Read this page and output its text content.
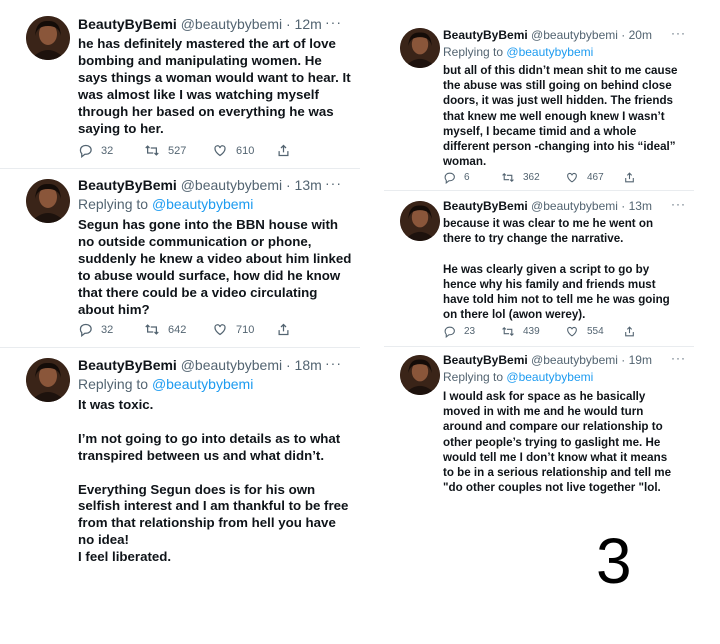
BeautyByBemi @beautybybemi · 12m ···
he has definitely mastered the art of love
bombing and manipulating women. He
says things a woman would want to hear. It
was almost like I was watching myself
through her based on everything he was
saying to her.
32	527	610
BeautyByBemi @beautybybemi · 13m ···
Replying to @beautybybemi
Segun has gone into the BBN house with
no outside communication or phone,
suddenly he knew a video about him linked
to abuse would surface, how did he know
that there could be a video circulating
about him?
32	642	710
BeautyByBemi @beautybybemi · 18m ···
Replying to @beautybybemi
It was toxic.

I’m not going to go into details as to what
transpired between us and what didn’t.

Everything Segun does is for his own
selfish interest and I am thankful to be free
from that relationship from hell you have
no idea!
I feel liberated.
BeautyByBemi @beautybybemi · 20m ···
Replying to @beautybybemi
but all of this didn’t mean shit to me cause
the abuse was still going on behind close
doors, it was just well hidden. The friends
that knew me well enough knew I wasn’t
myself, I became timid and a whole
different person -changing into his “ideal”
woman.
6	362	467
BeautyByBemi @beautybybemi · 13m ···
because it was clear to me he went on
there to try change the narrative.

He was clearly given a script to go by
hence why his family and friends must
have told him not to tell me he was going
on there lol (awon werey).
23	439	554
BeautyByBemi @beautybybemi · 19m ···
Replying to @beautybybemi
I would ask for space as he basically
moved in with me and he would turn
around and compare our relationship to
other people’s trying to gaslight me. He
would tell me I don’t know what it means
to be in a serious relationship and tell me
"do other couples not live together "lol.
3
